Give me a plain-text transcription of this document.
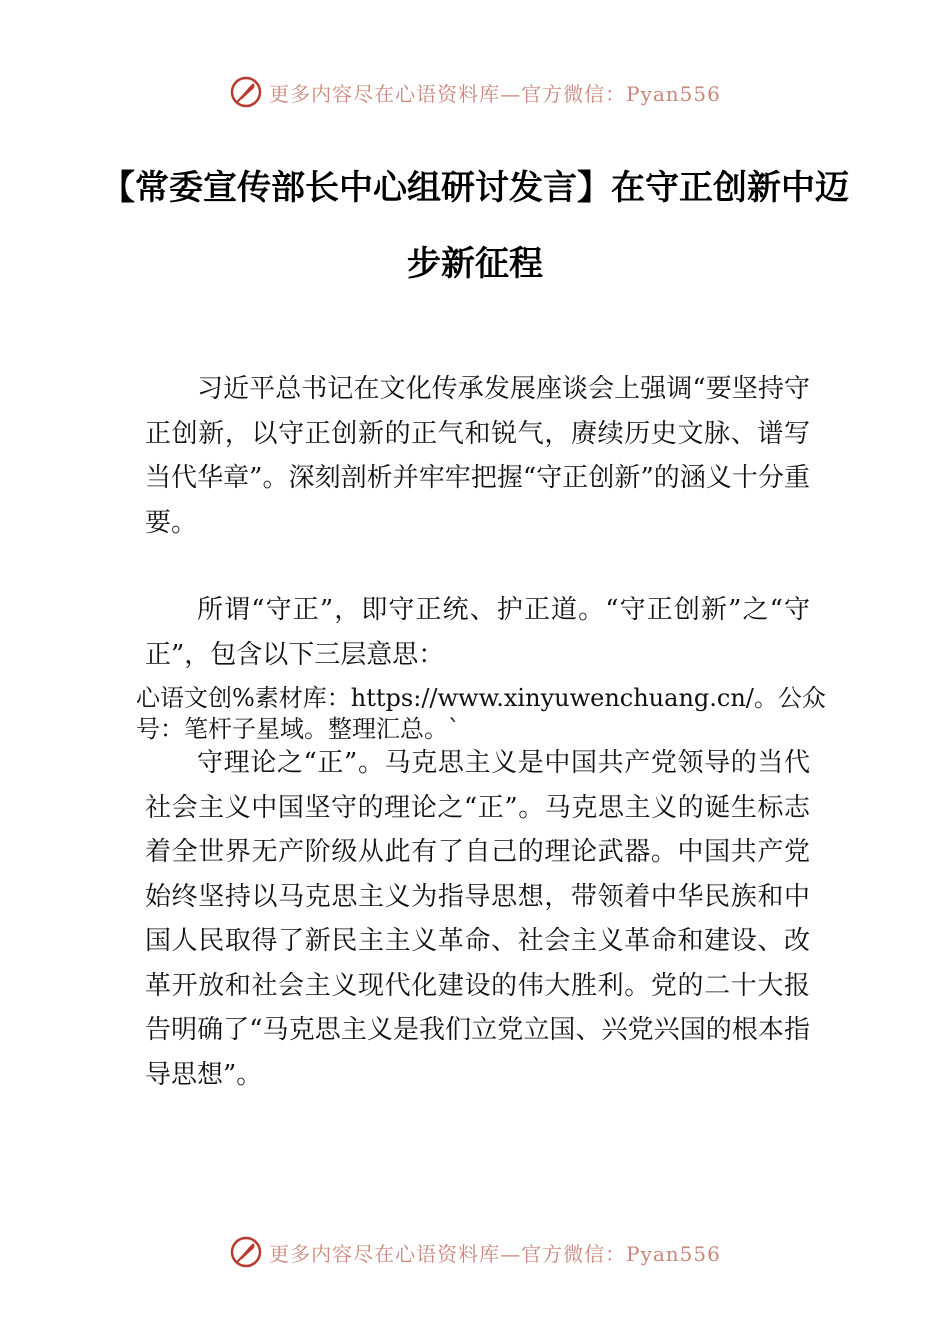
更多内容尽在心语资料库—官方微信：Pyan556
【常委宣传部长中心组研讨发言】在守正创新中迈步新征程

习近平总书记在文化传承发展座谈会上强调“要坚持守正创新，以守正创新的正气和锐气，赓续历史文脉、谱写当代华章”。深刻剖析并牢牢把握“守正创新”的涵义十分重要。

所谓“守正”，即守正统、护正道。“守正创新”之“守正”，包含以下三层意思：

心语文创%素材库：https://www.xinyuwenchuang.cn/。公众号：笔杆子星域。整理汇总。`

守理论之“正”。马克思主义是中国共产党领导的当代社会主义中国坚守的理论之“正”。马克思主义的诞生标志着全世界无产阶级从此有了自己的理论武器。中国共产党始终坚持以马克思主义为指导思想，带领着中华民族和中国人民取得了新民主主义革命、社会主义革命和建设、改革开放和社会主义现代化建设的伟大胜利。党的二十大报告明确了“马克思主义是我们立党立国、兴党兴国的根本指导思想”。

更多内容尽在心语资料库—官方微信：Pyan556
